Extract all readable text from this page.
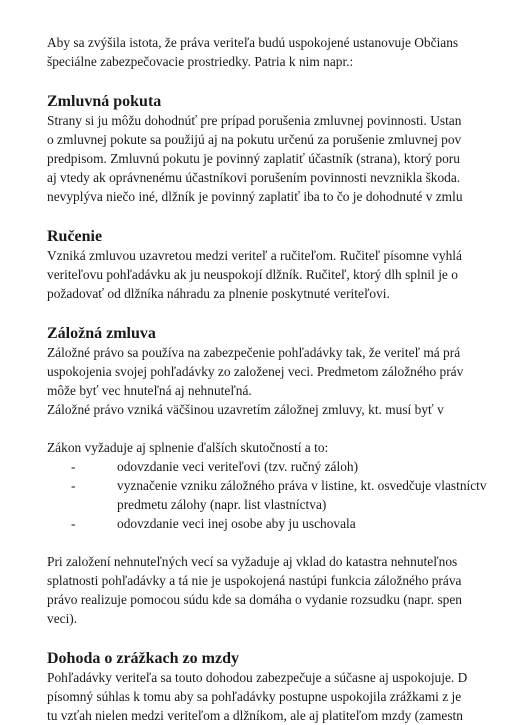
Aby sa zvýšila istota, že práva veriteľa budú uspokojené ustanovuje Občians
špeciálne zabezpečovacie prostriedky. Patria k nim napr.:
Zmluvná pokuta
Strany si ju môžu dohodnúť pre prípad porušenia zmluvnej povinnosti. Ustan
o zmluvnej pokute sa použijú aj na pokutu určenú za porušenie zmluvnej pov
predpisom. Zmluvnú pokutu je povinný zaplatiť účastník (strana), ktorý poru
aj vtedy ak oprávnenému účastníkovi porušením povinnosti nevznikla škoda.
nevyplýva niečo iné, dlžník je povinný zaplatiť iba to čo je dohodnuté v zmlu
Ručenie
Vzniká zmluvou uzavretou medzi veriteľ a ručiteľom. Ručiteľ písomne vyhlá
veriteľovu pohľadávku ak ju neuspokojí dlžník. Ručiteľ, ktorý dlh splnil je o
požadovať od dlžníka náhradu za plnenie poskytnuté veriteľovi.
Záložná zmluva
Záložné právo sa používa na zabezpečenie pohľadávky tak, že veriteľ má prá
uspokojenia svojej pohľadávky zo založenej veci. Predmetom záložného práv
môže byť vec hnuteľná aj nehnuteľná.
Záložné právo vzniká väčšinou uzavretím záložnej zmluvy, kt. musí byť v
Zákon vyžaduje aj splnenie ďalších skutočností a to:
-	odovzdanie veci veriteľovi (tzv. ručný záloh)
-	vyznačenie vzniku záložného práva v listine, kt. osvedčuje vlastníctv
predmetu zálohy (napr. list vlastníctva)
-	odovzdanie veci inej osobe aby ju uschovala
Pri založení nehnuteľných vecí sa vyžaduje aj vklad do katastra nehnuteľnos
splatnosti pohľadávky a tá nie je uspokojená nastúpi funkcia záložného práva
právo realizuje pomocou súdu kde sa domáha o vydanie rozsudku (napr. spen
veci).
Dohoda o zrážkach zo mzdy
Pohľadávky veriteľa sa touto dohodou zabezpečuje a súčasne aj uspokojuje. D
písomný súhlas k tomu aby sa pohľadávky postupne uspokojila zrážkami z je
tu vzťah nielen medzi veriteľom a dlžníkom, ale aj platiteľom mzdy (zamestn
